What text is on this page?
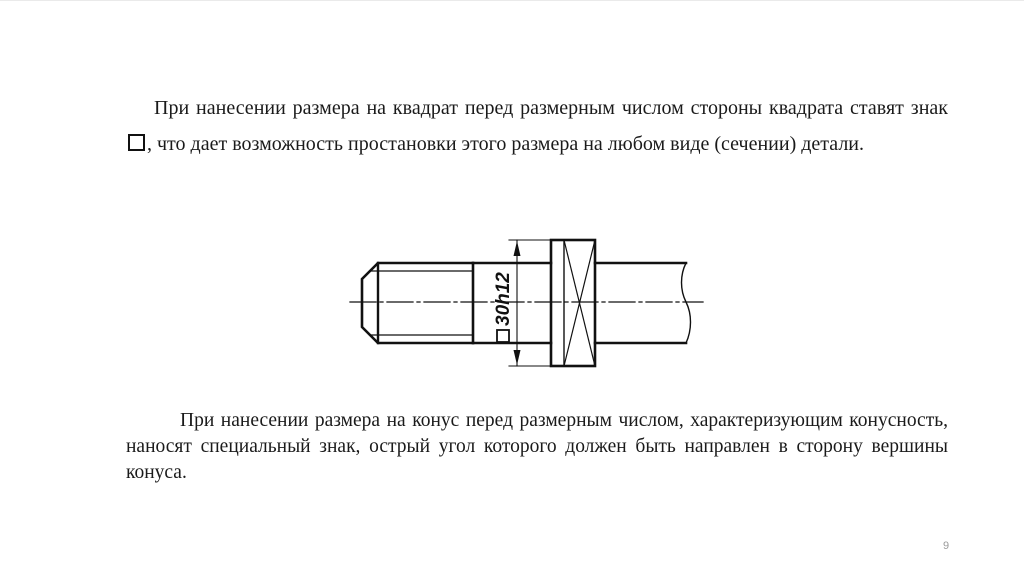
При нанесении размера на квадрат перед размерным числом стороны квадрата ставят знак , что дает возможность простановки этого размера на любом виде (сечении) детали.

30h12

При нанесении размера на конус перед размерным числом, характеризующим конусность, наносят специальный знак, острый угол которого должен быть направлен в сторону вершины конуса.

9
